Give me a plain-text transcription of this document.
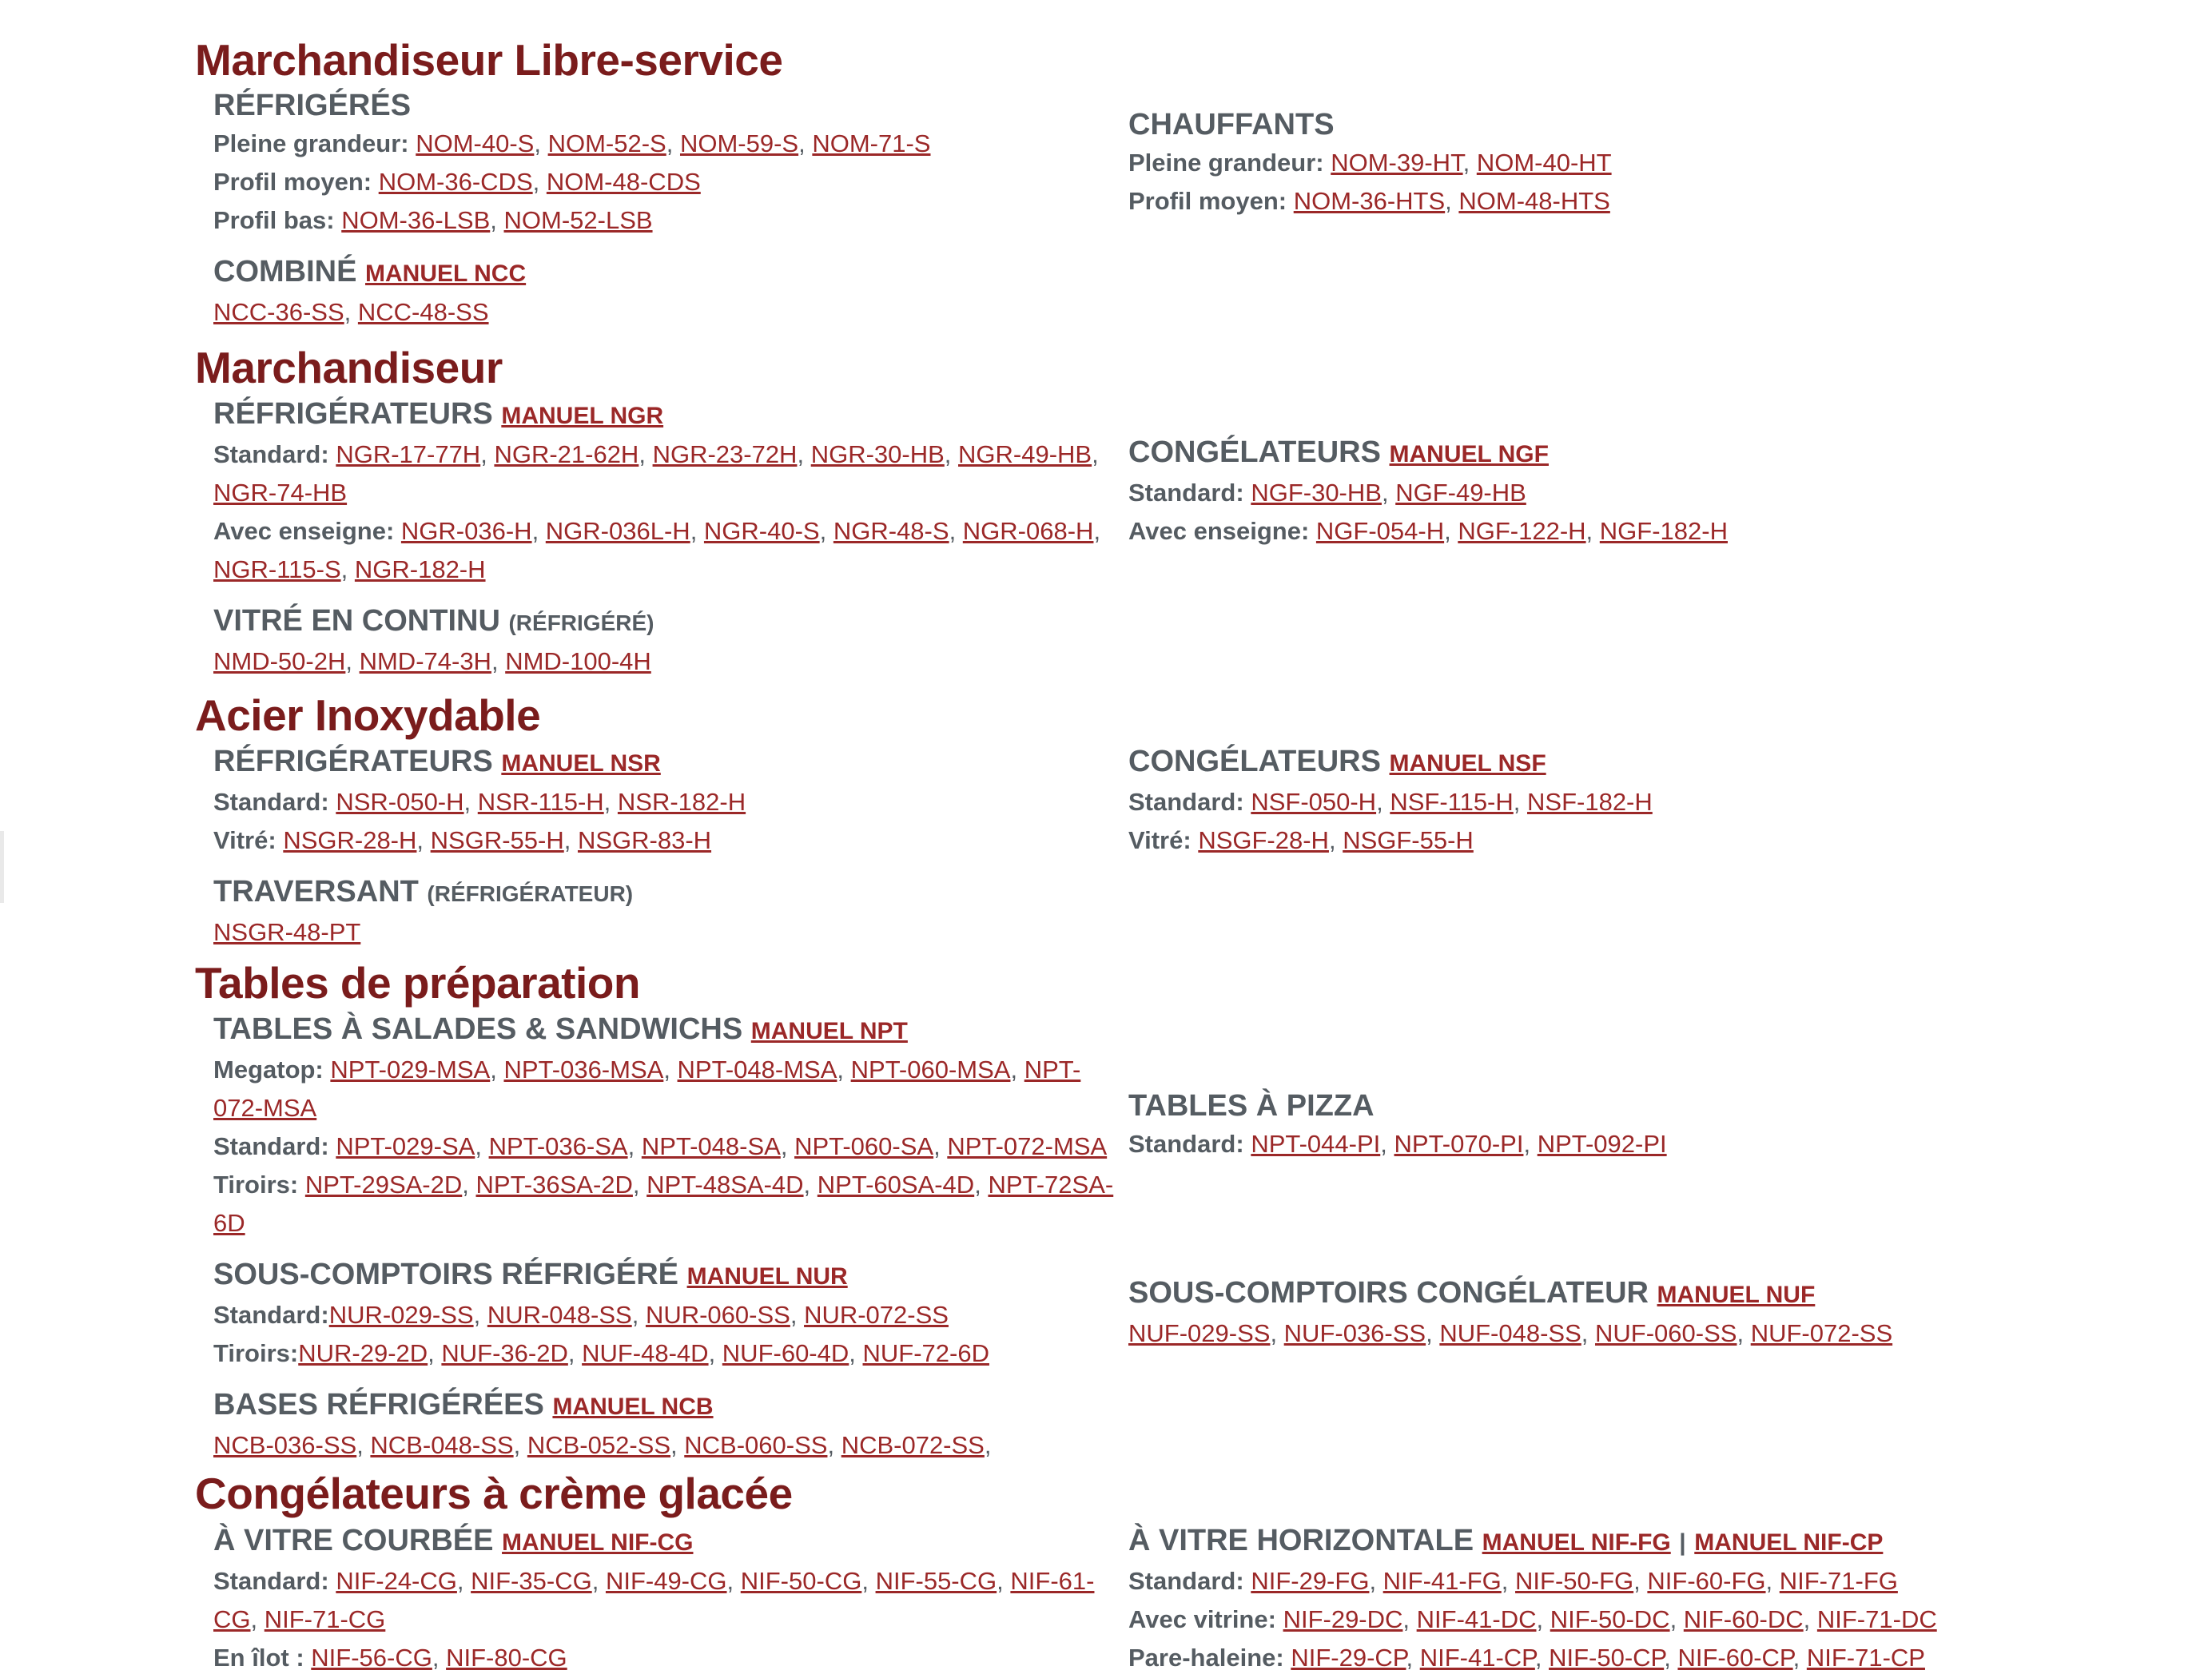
Marchandiseur Libre-service
RÉFRIGÉRÉS
Pleine grandeur: NOM-40-S, NOM-52-S, NOM-59-S, NOM-71-S
Profil moyen: NOM-36-CDS, NOM-48-CDS
Profil bas: NOM-36-LSB, NOM-52-LSB
COMBINÉ MANUEL NCC
NCC-36-SS, NCC-48-SS
CHAUFFANTS
Pleine grandeur: NOM-39-HT, NOM-40-HT
Profil moyen: NOM-36-HTS, NOM-48-HTS
Marchandiseur
RÉFRIGÉRATEURS MANUEL NGR
Standard: NGR-17-77H, NGR-21-62H, NGR-23-72H, NGR-30-HB, NGR-49-HB,
NGR-74-HB
Avec enseigne: NGR-036-H, NGR-036L-H, NGR-40-S, NGR-48-S, NGR-068-H,
NGR-115-S, NGR-182-H
VITRÉ EN CONTINU (RÉFRIGÉRÉ)
NMD-50-2H, NMD-74-3H, NMD-100-4H
CONGÉLATEURS MANUEL NGF
Standard: NGF-30-HB, NGF-49-HB
Avec enseigne: NGF-054-H, NGF-122-H, NGF-182-H
Acier Inoxydable
RÉFRIGÉRATEURS MANUEL NSR
Standard: NSR-050-H, NSR-115-H, NSR-182-H
Vitré: NSGR-28-H, NSGR-55-H, NSGR-83-H
TRAVERSANT (RÉFRIGÉRATEUR)
NSGR-48-PT
CONGÉLATEURS MANUEL NSF
Standard: NSF-050-H, NSF-115-H, NSF-182-H
Vitré: NSGF-28-H, NSGF-55-H
Tables de préparation
TABLES À SALADES & SANDWICHS MANUEL NPT
Megatop: NPT-029-MSA, NPT-036-MSA, NPT-048-MSA, NPT-060-MSA, NPT-
072-MSA
Standard: NPT-029-SA, NPT-036-SA, NPT-048-SA, NPT-060-SA, NPT-072-MSA
Tiroirs: NPT-29SA-2D, NPT-36SA-2D, NPT-48SA-4D, NPT-60SA-4D, NPT-72SA-
6D
SOUS-COMPTOIRS RÉFRIGÉRÉ MANUEL NUR
Standard:NUR-029-SS, NUR-048-SS, NUR-060-SS, NUR-072-SS
Tiroirs:NUR-29-2D, NUF-36-2D, NUF-48-4D, NUF-60-4D, NUF-72-6D
BASES RÉFRIGÉRÉES MANUEL NCB
NCB-036-SS, NCB-048-SS, NCB-052-SS, NCB-060-SS, NCB-072-SS,
TABLES À PIZZA
Standard: NPT-044-PI, NPT-070-PI, NPT-092-PI
SOUS-COMPTOIRS CONGÉLATEUR MANUEL NUF
NUF-029-SS, NUF-036-SS, NUF-048-SS, NUF-060-SS, NUF-072-SS
Congélateurs à crème glacée
À VITRE COURBÉE MANUEL NIF-CG
Standard: NIF-24-CG, NIF-35-CG, NIF-49-CG, NIF-50-CG, NIF-55-CG, NIF-61-
CG, NIF-71-CG
En îlot : NIF-56-CG, NIF-80-CG
À VITRE HORIZONTALE MANUEL NIF-FG | MANUEL NIF-CP
Standard: NIF-29-FG, NIF-41-FG, NIF-50-FG, NIF-60-FG, NIF-71-FG
Avec vitrine: NIF-29-DC, NIF-41-DC, NIF-50-DC, NIF-60-DC, NIF-71-DC
Pare-haleine: NIF-29-CP, NIF-41-CP, NIF-50-CP, NIF-60-CP, NIF-71-CP
